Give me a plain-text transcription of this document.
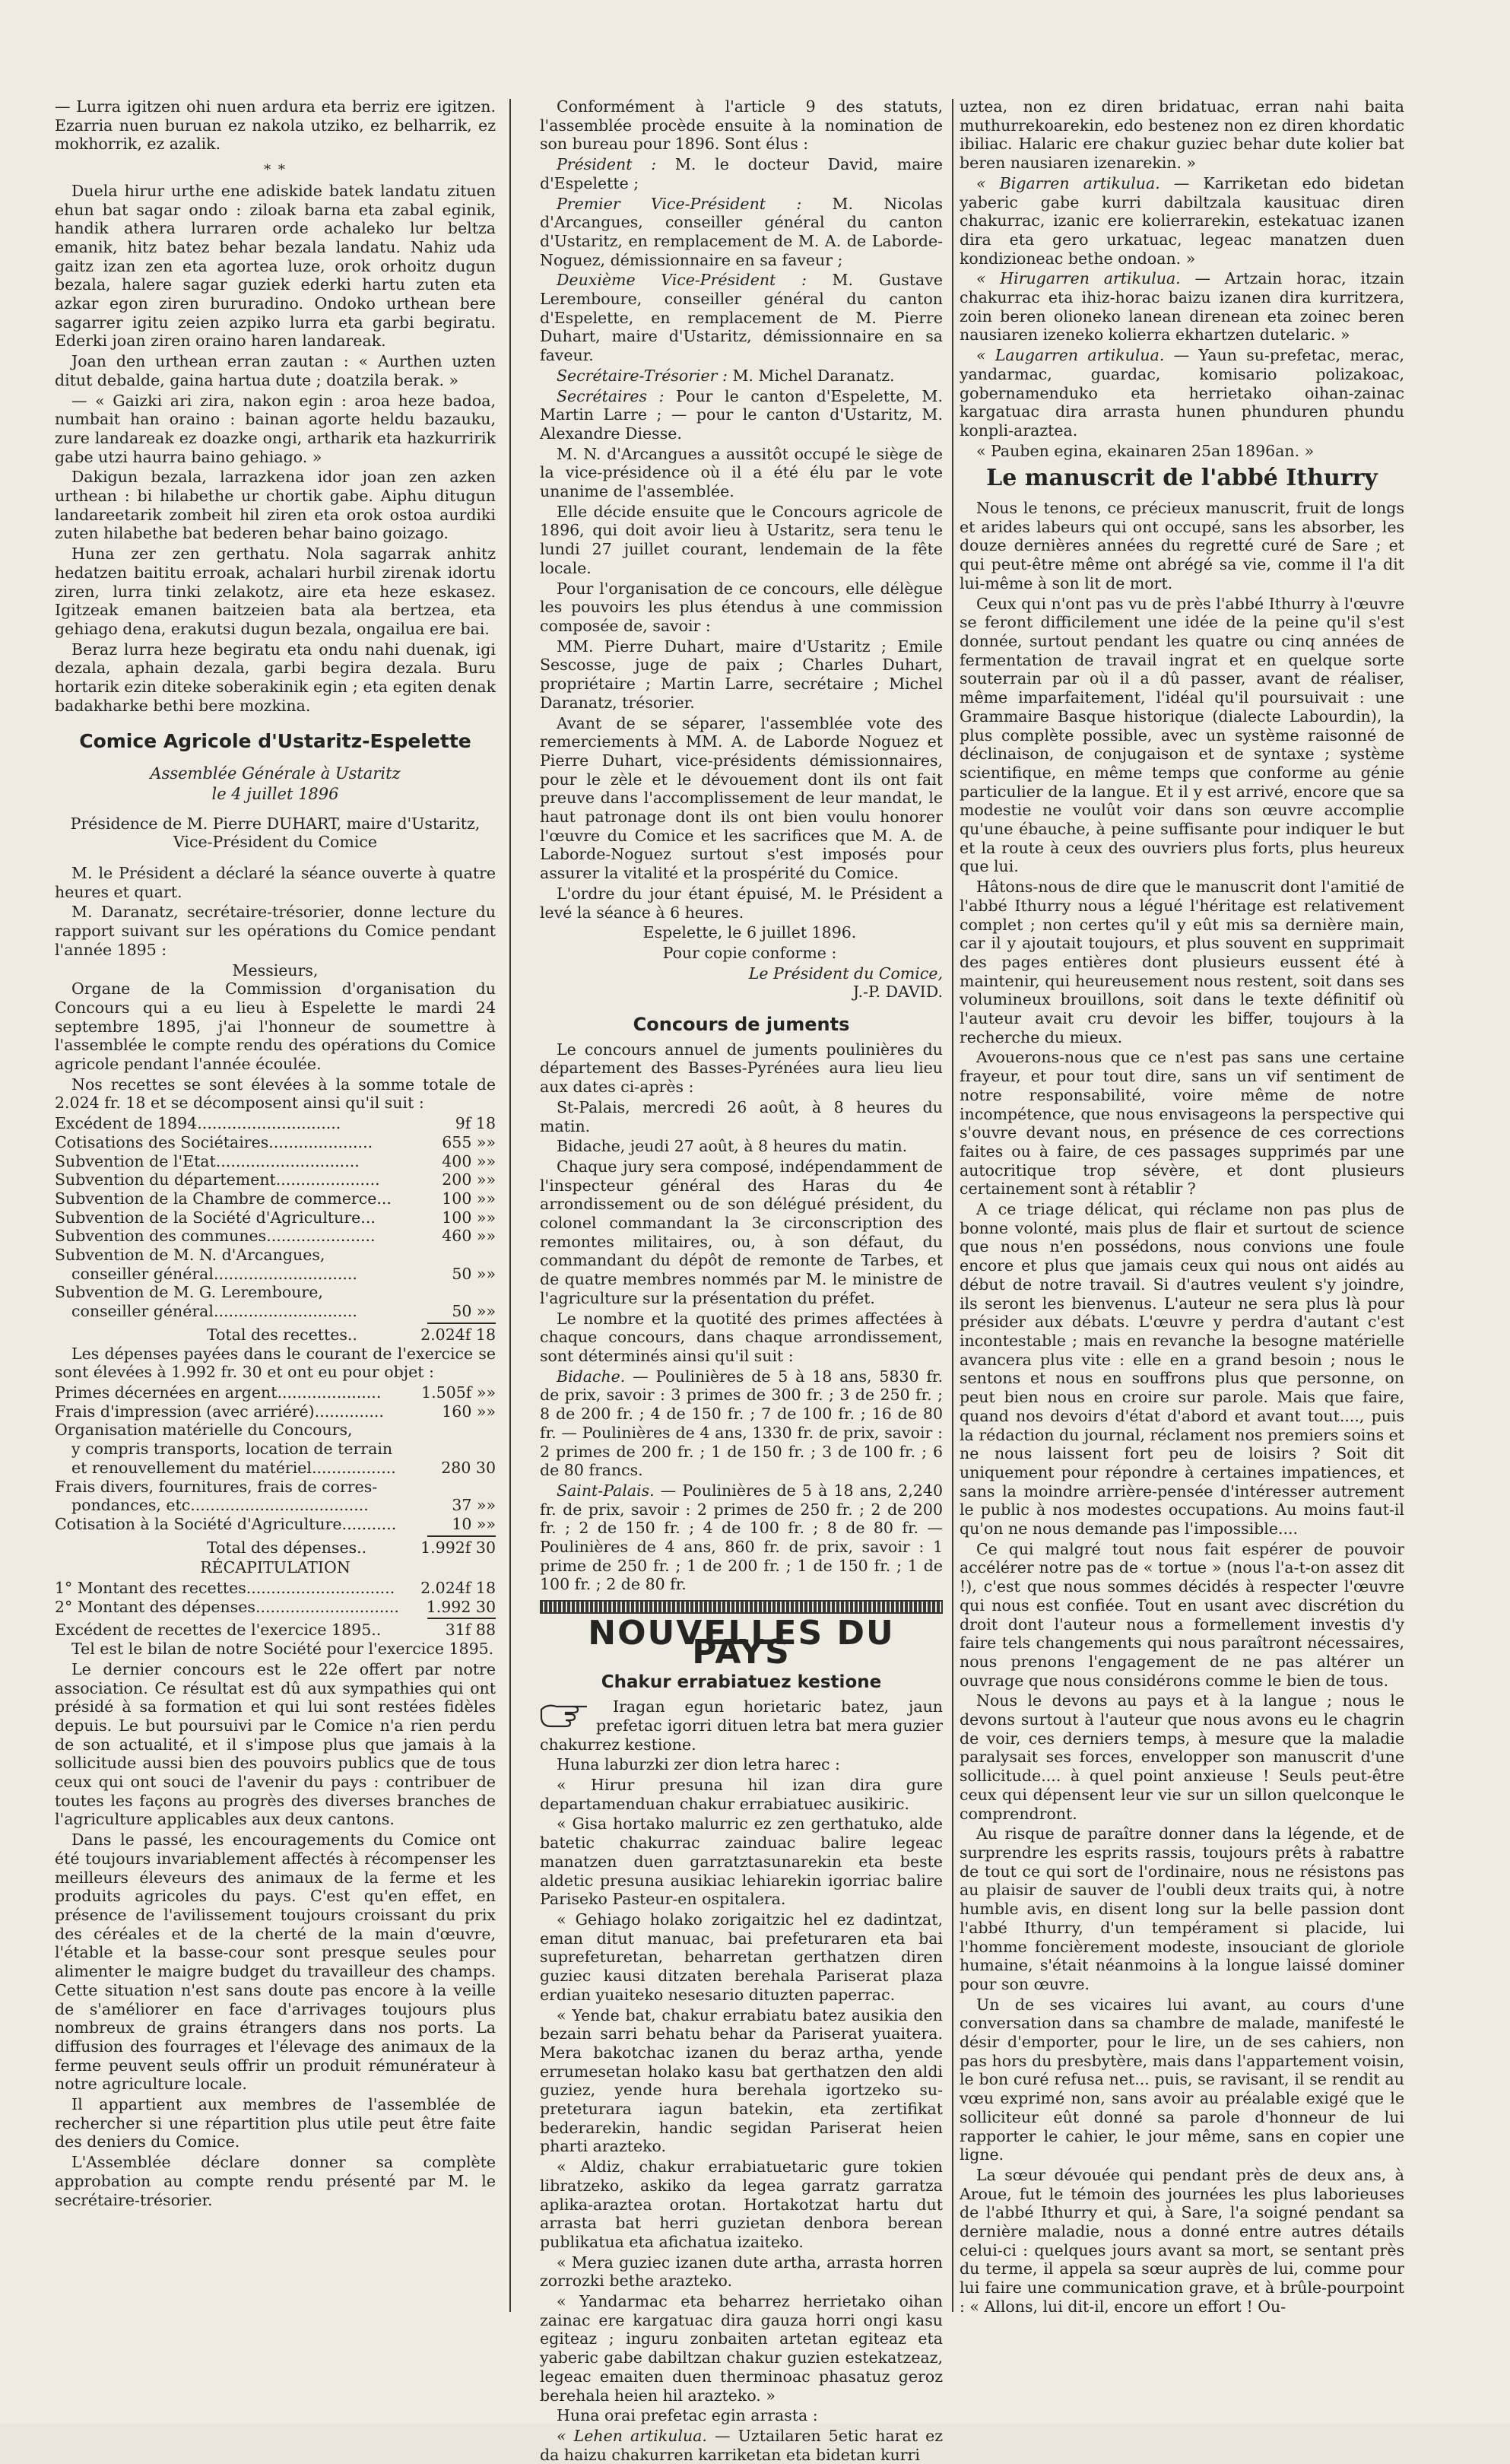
— Lurra igitzen ohi nuen ardura eta berriz ere igitzen. Ezarria nuen buruan ez nakola utziko, ez belharrik, ez mokhorrik, ez azalik.

* *

Duela hirur urthe ene adiskide batek landatu zituen ehun bat sagar ondo : ziloak barna eta zabal eginik, handik athera lurraren orde achaleko lur beltza emanik, hitz batez behar bezala landatu. Nahiz uda gaitz izan zen eta agortea luze, orok orhoitz dugun bezala, halere sagar guziek ederki hartu zuten eta azkar egon ziren bururadino. Ondoko urthean bere sagarrer igitu zeien azpiko lurra eta garbi begiratu. Ederki joan ziren oraino haren landareak.

Joan den urthean erran zautan : « Aurthen uzten ditut debalde, gaina hartua dute ; doatzila berak. »

— « Gaizki ari zira, nakon egin : aroa heze badoa, numbait han oraino : bainan agorte heldu bazauku, zure landareak ez doazke ongi, artharik eta hazkurririk gabe utzi haurra baino gehiago. »

Dakigun bezala, larrazkena idor joan zen azken urthean : bi hilabethe ur chortik gabe. Aiphu ditugun landareetarik zombeit hil ziren eta orok ostoa aurdiki zuten hilabethe bat bederen behar baino goizago.

Huna zer zen gerthatu. Nola sagarrak anhitz hedatzen baititu erroak, achalari hurbil zirenak idortu ziren, lurra tinki zelakotz, aire eta heze eskasez. Igitzeak emanen baitzeien bata ala bertzea, eta gehiago dena, erakutsi dugun bezala, ongailua ere bai.

Beraz lurra heze begiratu eta ondu nahi duenak, igi dezala, aphain dezala, garbi begira dezala. Buru hortarik ezin diteke soberakinik egin ; eta egiten denak badakharke bethi bere mozkina.

Comice Agricole d'Ustaritz-Espelette
Assemblée Générale à Ustaritz
le 4 juillet 1896
Présidence de M. Pierre DUHART, maire d'Ustaritz,
Vice-Président du Comice

M. le Président a déclaré la séance ouverte à quatre heures et quart.

M. Daranatz, secrétaire-trésorier, donne lecture du rapport suivant sur les opérations du Comice pendant l'année 1895 :

Messieurs,

Organe de la Commission d'organisation du Concours qui a eu lieu à Espelette le mardi 24 septembre 1895, j'ai l'honneur de soumettre à l'assemblée le compte rendu des opérations du Comice agricole pendant l'année écoulée.

Nos recettes se sont élevées à la somme totale de 2.024 fr. 18 et se décomposent ainsi qu'il suit :

Excédent de 1894.............................	9f 18
Cotisations des Sociétaires.....................	655 »»
Subvention de l'Etat.............................	400 »»
Subvention du département.....................	200 »»
Subvention de la Chambre de commerce...	100 »»
Subvention de la Société d'Agriculture...	100 »»
Subvention des communes......................	460 »»
Subvention de M. N. d'Arcangues,
conseiller général.............................	50 »»
Subvention de M. G. Leremboure,
conseiller général.............................	50 »»
Total des recettes..	2.024f 18

Les dépenses payées dans le courant de l'exercice se sont élevées à 1.992 fr. 30 et ont eu pour objet :

Primes décernées en argent.....................	1.505f »»
Frais d'impression (avec arriéré)..............	160 »»
Organisation matérielle du Concours,
y compris transports, location de terrain
et renouvellement du matériel.................	280 30
Frais divers, fournitures, frais de corres-
pondances, etc....................................	37 »»
Cotisation à la Société d'Agriculture...........	10 »»
Total des dépenses..	1.992f 30
RÉCAPITULATION
1° Montant des recettes.............................. 2.024f 18
2° Montant des dépenses............................. 1.992 30
Excédent de recettes de l'exercice 1895..	31f 88

Tel est le bilan de notre Société pour l'exercice 1895.

Le dernier concours est le 22e offert par notre association. Ce résultat est dû aux sympathies qui ont présidé à sa formation et qui lui sont restées fidèles depuis. Le but poursuivi par le Comice n'a rien perdu de son actualité, et il s'impose plus que jamais à la sollicitude aussi bien des pouvoirs publics que de tous ceux qui ont souci de l'avenir du pays : contribuer de toutes les façons au progrès des diverses branches de l'agriculture applicables aux deux cantons.

Dans le passé, les encouragements du Comice ont été toujours invariablement affectés à récompenser les meilleurs éleveurs des animaux de la ferme et les produits agricoles du pays. C'est qu'en effet, en présence de l'avilissement toujours croissant du prix des céréales et de la cherté de la main d'œuvre, l'étable et la basse-cour sont presque seules pour alimenter le maigre budget du travailleur des champs. Cette situation n'est sans doute pas encore à la veille de s'améliorer en face d'arrivages toujours plus nombreux de grains étrangers dans nos ports. La diffusion des fourrages et l'élevage des animaux de la ferme peuvent seuls offrir un produit rémunérateur à notre agriculture locale.

Il appartient aux membres de l'assemblée de rechercher si une répartition plus utile peut être faite des deniers du Comice.

L'Assemblée déclare donner sa complète approbation au compte rendu présenté par M. le secrétaire-trésorier.

Conformément à l'article 9 des statuts, l'assemblée procède ensuite à la nomination de son bureau pour 1896. Sont élus :

Président : M. le docteur David, maire d'Espelette ;

Premier Vice-Président : M. Nicolas d'Arcangues, conseiller général du canton d'Ustaritz, en remplacement de M. A. de Laborde-Noguez, démissionnaire en sa faveur ;

Deuxième Vice-Président : M. Gustave Leremboure, conseiller général du canton d'Espelette, en remplacement de M. Pierre Duhart, maire d'Ustaritz, démissionnaire en sa faveur.

Secrétaire-Trésorier : M. Michel Daranatz.

Secrétaires : Pour le canton d'Espelette, M. Martin Larre ; — pour le canton d'Ustaritz, M. Alexandre Diesse.

M. N. d'Arcangues a aussitôt occupé le siège de la vice-présidence où il a été élu par le vote unanime de l'assemblée.

Elle décide ensuite que le Concours agricole de 1896, qui doit avoir lieu à Ustaritz, sera tenu le lundi 27 juillet courant, lendemain de la fête locale.

Pour l'organisation de ce concours, elle délègue les pouvoirs les plus étendus à une commission composée de, savoir :

MM. Pierre Duhart, maire d'Ustaritz ; Emile Sescosse, juge de paix ; Charles Duhart, propriétaire ; Martin Larre, secrétaire ; Michel Daranatz, trésorier.

Avant de se séparer, l'assemblée vote des remerciements à MM. A. de Laborde Noguez et Pierre Duhart, vice-présidents démissionnaires, pour le zèle et le dévouement dont ils ont fait preuve dans l'accomplissement de leur mandat, le haut patronage dont ils ont bien voulu honorer l'œuvre du Comice et les sacrifices que M. A. de Laborde-Noguez surtout s'est imposés pour assurer la vitalité et la prospérité du Comice.

L'ordre du jour étant épuisé, M. le Président a levé la séance à 6 heures.

Espelette, le 6 juillet 1896.

Pour copie conforme :

Le Président du Comice,
J.-P. DAVID.
Concours de juments

Le concours annuel de juments poulinières du département des Basses-Pyrénées aura lieu lieu aux dates ci-après :

St-Palais, mercredi 26 août, à 8 heures du matin.

Bidache, jeudi 27 août, à 8 heures du matin.

Chaque jury sera composé, indépendamment de l'inspecteur général des Haras du 4e arrondissement ou de son délégué président, du colonel commandant la 3e circonscription des remontes militaires, ou, à son défaut, du commandant du dépôt de remonte de Tarbes, et de quatre membres nommés par M. le ministre de l'agriculture sur la présentation du préfet.

Le nombre et la quotité des primes affectées à chaque concours, dans chaque arrondissement, sont déterminés ainsi qu'il suit :

Bidache. — Poulinières de 5 à 18 ans, 5830 fr. de prix, savoir : 3 primes de 300 fr. ; 3 de 250 fr. ; 8 de 200 fr. ; 4 de 150 fr. ; 7 de 100 fr. ; 16 de 80 fr. — Poulinières de 4 ans, 1330 fr. de prix, savoir : 2 primes de 200 fr. ; 1 de 150 fr. ; 3 de 100 fr. ; 6 de 80 francs.

Saint-Palais. — Poulinières de 5 à 18 ans, 2,240 fr. de prix, savoir : 2 primes de 250 fr. ; 2 de 200 fr. ; 2 de 150 fr. ; 4 de 100 fr. ; 8 de 80 fr. — Poulinières de 4 ans, 860 fr. de prix, savoir : 1 prime de 250 fr. ; 1 de 200 fr. ; 1 de 150 fr. ; 1 de 100 fr. ; 2 de 80 fr.

NOUVELLES DU PAYS
Chakur errabiatuez kestione

Iragan egun horietaric batez, jaun prefetac igorri dituen letra bat mera guzier chakurrez kestione.

Huna laburzki zer dion letra harec :

« Hirur presuna hil izan dira gure departamenduan chakur errabiatuec ausikiric.

« Gisa hortako malurric ez zen gerthatuko, alde batetic chakurrac zainduac balire legeac manatzen duen garratztasunarekin eta beste aldetic presuna ausikiac lehiarekin igorriac balire Pariseko Pasteur-en ospitalera.

« Gehiago holako zorigaitzic hel ez dadintzat, eman ditut manuac, bai prefeturaren eta bai suprefeturetan, beharretan gerthatzen diren guziec kausi ditzaten berehala Pariserat plaza erdian yuaiteko nesesario dituzten paperrac.

« Yende bat, chakur errabiatu batez ausikia den bezain sarri behatu behar da Pariserat yuaitera. Mera bakotchac izanen du beraz artha, yende errumesetan holako kasu bat gerthatzen den aldi guziez, yende hura berehala igortzeko su-preteturara iagun batekin, eta zertifikat bederarekin, handic segidan Pariserat heien pharti arazteko.

« Aldiz, chakur errabiatuetaric gure tokien libratzeko, askiko da legea garratz garratza aplika-araztea orotan. Hortakotzat hartu dut arrasta bat herri guzietan denbora berean publikatua eta afichatua izaiteko.

« Mera guziec izanen dute artha, arrasta horren zorrozki bethe arazteko.

« Yandarmac eta beharrez herrietako oihan zainac ere kargatuac dira gauza horri ongi kasu egiteaz ; inguru zonbaiten artetan egiteaz eta yaberic gabe dabiltzan chakur guzien estekatzeaz, legeac emaiten duen therminoac phasatuz geroz berehala heien hil arazteko. »

Huna orai prefetac egin arrasta :

« Lehen artikulua. — Uztailaren 5etic harat ez da haizu chakurren karriketan eta bidetan kurri

uztea, non ez diren bridatuac, erran nahi baita muthurrekoarekin, edo bestenez non ez diren khordatic ibiliac. Halaric ere chakur guziec behar dute kolier bat beren nausiaren izenarekin. »

« Bigarren artikulua. — Karriketan edo bidetan yaberic gabe kurri dabiltzala kausituac diren chakurrac, izanic ere kolierrarekin, estekatuac izanen dira eta gero urkatuac, legeac manatzen duen kondizioneac bethe ondoan. »

« Hirugarren artikulua. — Artzain horac, itzain chakurrac eta ihiz-horac baizu izanen dira kurritzera, zoin beren olioneko lanean direnean eta zoinec beren nausiaren izeneko kolierra ekhartzen dutelaric. »

« Laugarren artikulua. — Yaun su-prefetac, merac, yandarmac, guardac, komisario polizakoac, gobernamenduko eta herrietako oihan-zainac kargatuac dira arrasta hunen phunduren phundu konpli-araztea.

« Pauben egina, ekainaren 25an 1896an. »

Le manuscrit de l'abbé Ithurry

Nous le tenons, ce précieux manuscrit, fruit de longs et arides labeurs qui ont occupé, sans les absorber, les douze dernières années du regretté curé de Sare ; et qui peut-être même ont abrégé sa vie, comme il l'a dit lui-même à son lit de mort.

Ceux qui n'ont pas vu de près l'abbé Ithurry à l'œuvre se feront difficilement une idée de la peine qu'il s'est donnée, surtout pendant les quatre ou cinq années de fermentation de travail ingrat et en quelque sorte souterrain par où il a dû passer, avant de réaliser, même imparfaitement, l'idéal qu'il poursuivait : une Grammaire Basque historique (dialecte Labourdin), la plus complète possible, avec un système raisonné de déclinaison, de conjugaison et de syntaxe ; système scientifique, en même temps que conforme au génie particulier de la langue. Et il y est arrivé, encore que sa modestie ne voulût voir dans son œuvre accomplie qu'une ébauche, à peine suffisante pour indiquer le but et la route à ceux des ouvriers plus forts, plus heureux que lui.

Hâtons-nous de dire que le manuscrit dont l'amitié de l'abbé Ithurry nous a légué l'héritage est relativement complet ; non certes qu'il y eût mis sa dernière main, car il y ajoutait toujours, et plus souvent en supprimait des pages entières dont plusieurs eussent été à maintenir, qui heureusement nous restent, soit dans ses volumineux brouillons, soit dans le texte définitif où l'auteur avait cru devoir les biffer, toujours à la recherche du mieux.

Avouerons-nous que ce n'est pas sans une certaine frayeur, et pour tout dire, sans un vif sentiment de notre responsabilité, voire même de notre incompétence, que nous envisageons la perspective qui s'ouvre devant nous, en présence de ces corrections faites ou à faire, de ces passages supprimés par une autocritique trop sévère, et dont plusieurs certainement sont à rétablir ?

A ce triage délicat, qui réclame non pas plus de bonne volonté, mais plus de flair et surtout de science que nous n'en possédons, nous convions une foule encore et plus que jamais ceux qui nous ont aidés au début de notre travail. Si d'autres veulent s'y joindre, ils seront les bienvenus. L'auteur ne sera plus là pour présider aux débats. L'œuvre y perdra d'autant c'est incontestable ; mais en revanche la besogne matérielle avancera plus vite : elle en a grand besoin ; nous le sentons et nous en souffrons plus que personne, on peut bien nous en croire sur parole. Mais que faire, quand nos devoirs d'état d'abord et avant tout...., puis la rédaction du journal, réclament nos premiers soins et ne nous laissent fort peu de loisirs ? Soit dit uniquement pour répondre à certaines impatiences, et sans la moindre arrière-pensée d'intéresser autrement le public à nos modestes occupations. Au moins faut-il qu'on ne nous demande pas l'impossible....

Ce qui malgré tout nous fait espérer de pouvoir accélérer notre pas de « tortue » (nous l'a-t-on assez dit !), c'est que nous sommes décidés à respecter l'œuvre qui nous est confiée. Tout en usant avec discrétion du droit dont l'auteur nous a formellement investis d'y faire tels changements qui nous paraîtront nécessaires, nous prenons l'engagement de ne pas altérer un ouvrage que nous considérons comme le bien de tous.

Nous le devons au pays et à la langue ; nous le devons surtout à l'auteur que nous avons eu le chagrin de voir, ces derniers temps, à mesure que la maladie paralysait ses forces, envelopper son manuscrit d'une sollicitude.... à quel point anxieuse ! Seuls peut-être ceux qui dépensent leur vie sur un sillon quelconque le comprendront.

Au risque de paraître donner dans la légende, et de surprendre les esprits rassis, toujours prêts à rabattre de tout ce qui sort de l'ordinaire, nous ne résistons pas au plaisir de sauver de l'oubli deux traits qui, à notre humble avis, en disent long sur la belle passion dont l'abbé Ithurry, d'un tempérament si placide, lui l'homme foncièrement modeste, insouciant de gloriole humaine, s'était néanmoins à la longue laissé dominer pour son œuvre.

Un de ses vicaires lui avant, au cours d'une conversation dans sa chambre de malade, manifesté le désir d'emporter, pour le lire, un de ses cahiers, non pas hors du presbytère, mais dans l'appartement voisin, le bon curé refusa net... puis, se ravisant, il se rendit au vœu exprimé non, sans avoir au préalable exigé que le solliciteur eût donné sa parole d'honneur de lui rapporter le cahier, le jour même, sans en copier une ligne.

La sœur dévouée qui pendant près de deux ans, à Aroue, fut le témoin des journées les plus laborieuses de l'abbé Ithurry et qui, à Sare, l'a soigné pendant sa dernière maladie, nous a donné entre autres détails celui-ci : quelques jours avant sa mort, se sentant près du terme, il appela sa sœur auprès de lui, comme pour lui faire une communication grave, et à brûle-pourpoint : « Allons, lui dit-il, encore un effort ! Ou-
